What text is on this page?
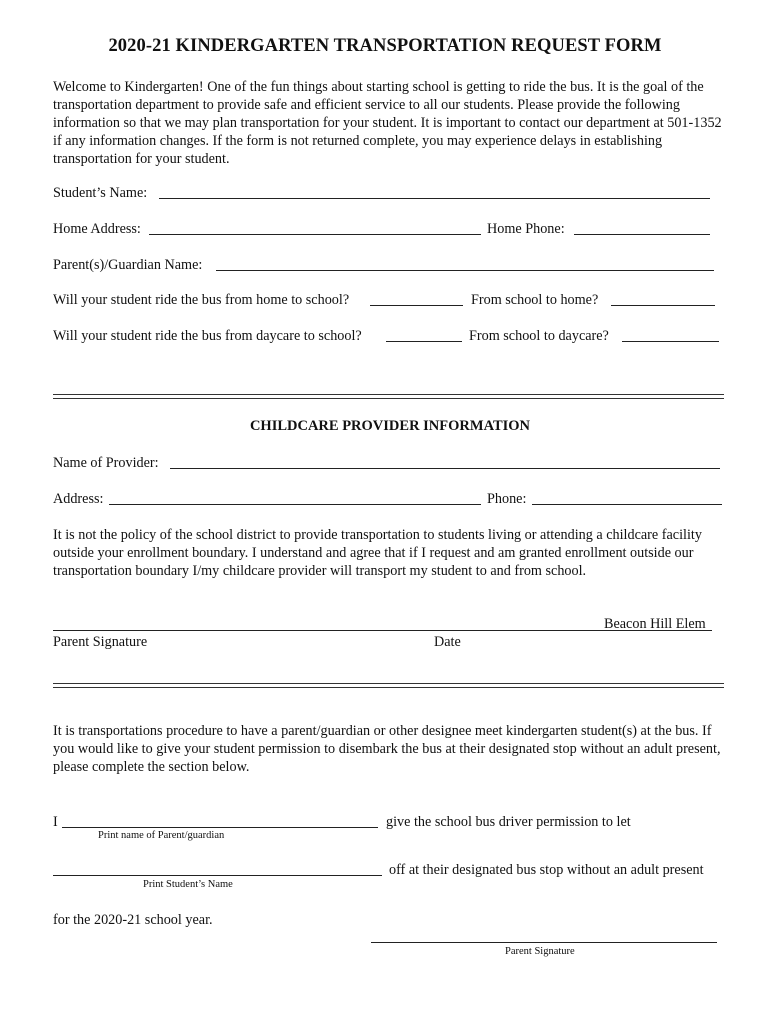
2020-21 KINDERGARTEN TRANSPORTATION REQUEST FORM
Welcome to Kindergarten! One of the fun things about starting school is getting to ride the bus. It is the goal of the transportation department to provide safe and efficient service to all our students. Please provide the following information so that we may plan transportation for your student. It is important to contact our department at 501-1352 if any information changes. If the form is not returned complete, you may experience delays in establishing transportation for your student.
Student’s Name:
Home Address:	Home Phone:
Parent(s)/Guardian Name:
Will your student ride the bus from home to school?	From school to home?
Will your student ride the bus from daycare to school?	From school to daycare?
CHILDCARE PROVIDER INFORMATION
Name of Provider:
Address:	Phone:
It is not the policy of the school district to provide transportation to students living or attending a childcare facility outside your enrollment boundary. I understand and agree that if I request and am granted enrollment outside our transportation boundary I/my childcare provider will transport my student to and from school.
Beacon Hill Elem
Parent Signature	Date
It is transportations procedure to have a parent/guardian or other designee meet kindergarten student(s) at the bus. If you would like to give your student permission to disembark the bus at their designated stop without an adult present, please complete the section below.
I	give the school bus driver permission to let
Print name of Parent/guardian
off at their designated bus stop without an adult present
Print Student’s Name
for the 2020-21 school year.
Parent Signature
